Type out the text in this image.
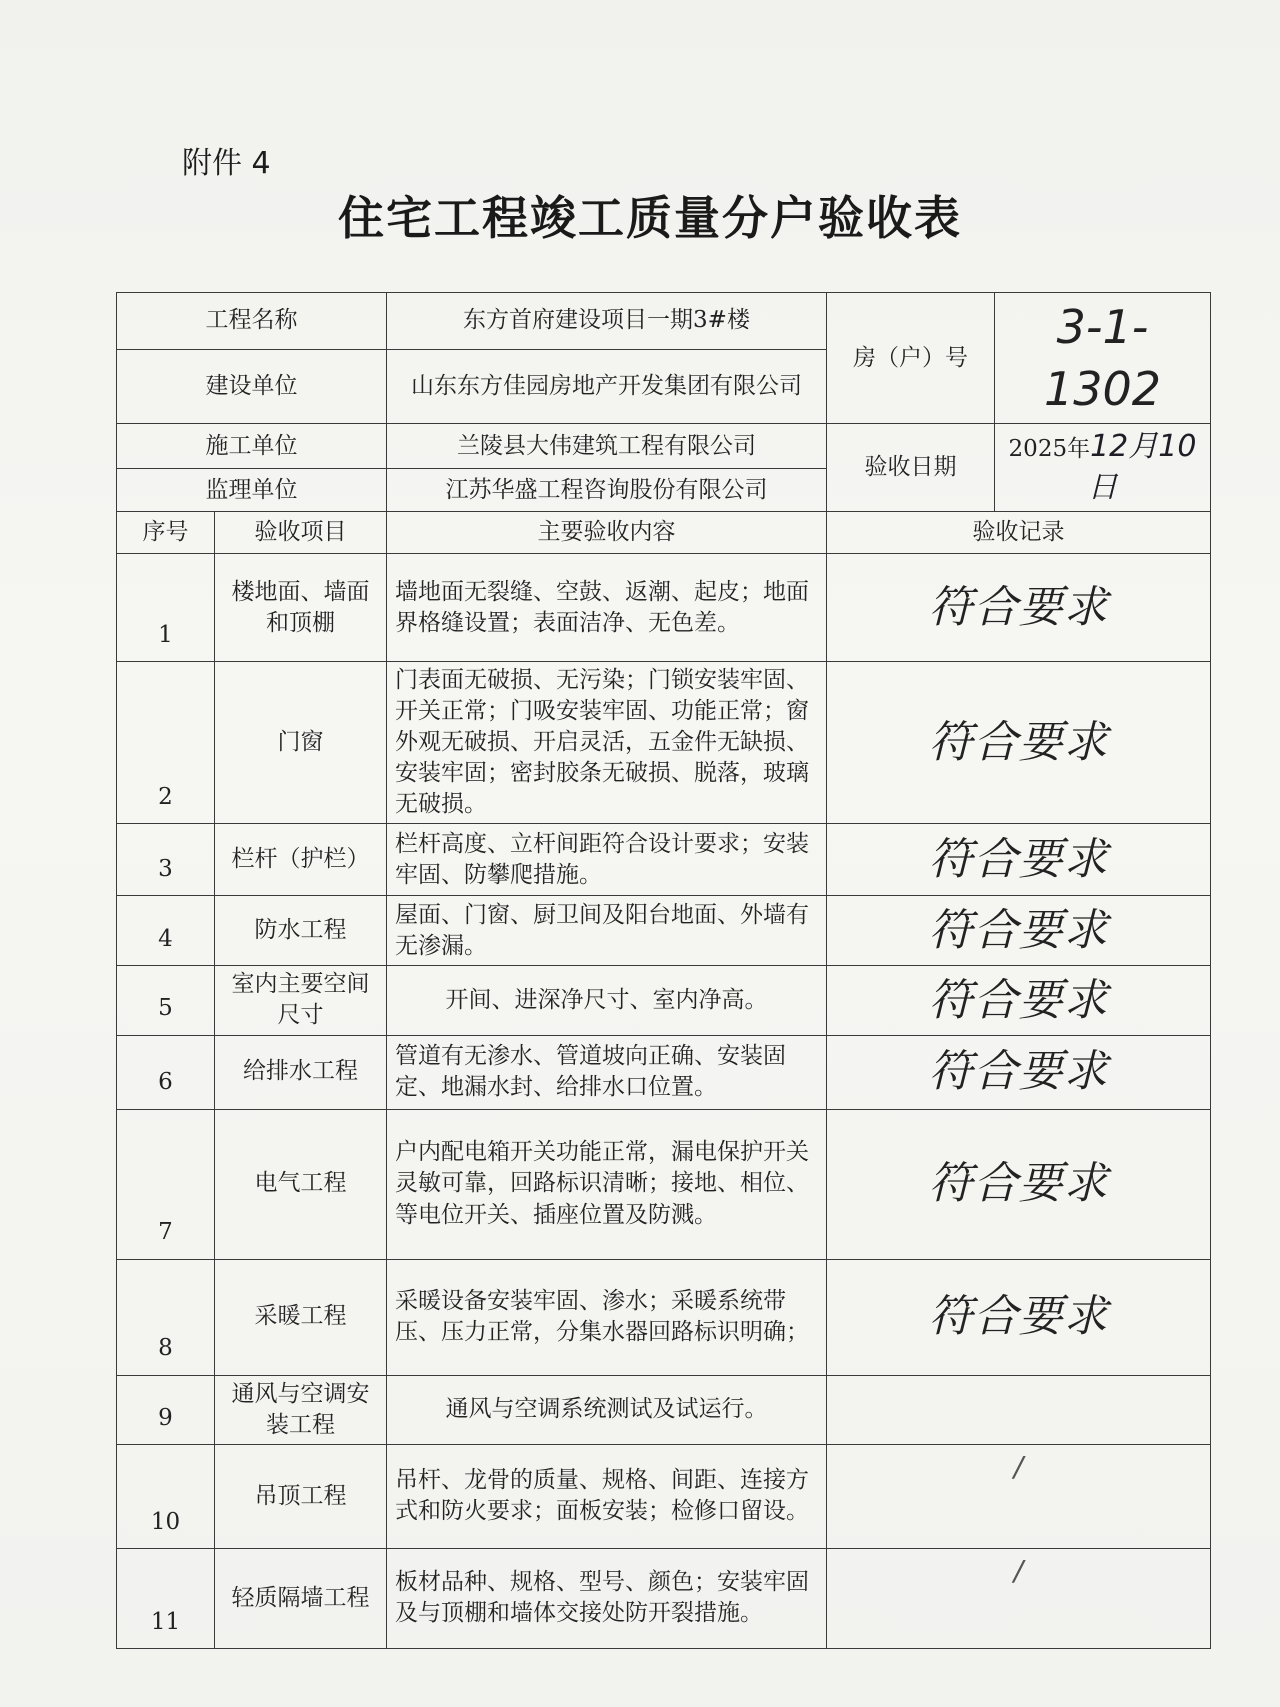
附件 4
住宅工程竣工质量分户验收表
工程名称		东方首府建设项目一期3#楼	房（户）号	3-1-1302
建设单位		山东东方佳园房地产开发集团有限公司		
施工单位		兰陵县大伟建筑工程有限公司	验收日期	2025年12月10日
监理单位		江苏华盛工程咨询股份有限公司		
序号	验收项目	主要验收内容	验收记录	
1	楼地面、墙面和顶棚	墙地面无裂缝、空鼓、返潮、起皮；地面界格缝设置；表面洁净、无色差。	符合要求	
2	门窗	门表面无破损、无污染；门锁安装牢固、开关正常；门吸安装牢固、功能正常；窗外观无破损、开启灵活，五金件无缺损、 安装牢固；密封胶条无破损、脱落，玻璃无破损。	符合要求	
3	栏杆（护栏）	栏杆高度、立杆间距符合设计要求；安装牢固、防攀爬措施。	符合要求	
4	防水工程	屋面、门窗、厨卫间及阳台地面、外墙有无渗漏。	符合要求	
5	室内主要空间尺寸	开间、进深净尺寸、室内净高。	符合要求	
6	给排水工程	管道有无渗水、管道坡向正确、安装固定、地漏水封、给排水口位置。	符合要求	
7	电气工程	户内配电箱开关功能正常，漏电保护开关灵敏可靠，回路标识清晰；接地、相位、等电位开关、插座位置及防溅。	符合要求	
8	采暖工程	采暖设备安装牢固、渗水；采暖系统带压、压力正常，分集水器回路标识明确；	符合要求	
9	通风与空调安装工程	通风与空调系统测试及试运行。		
10	吊顶工程	吊杆、龙骨的质量、规格、间距、连接方式和防火要求；面板安装；检修口留设。	/	
11	轻质隔墙工程	板材品种、规格、型号、颜色；安装牢固及与顶棚和墙体交接处防开裂措施。	/	
